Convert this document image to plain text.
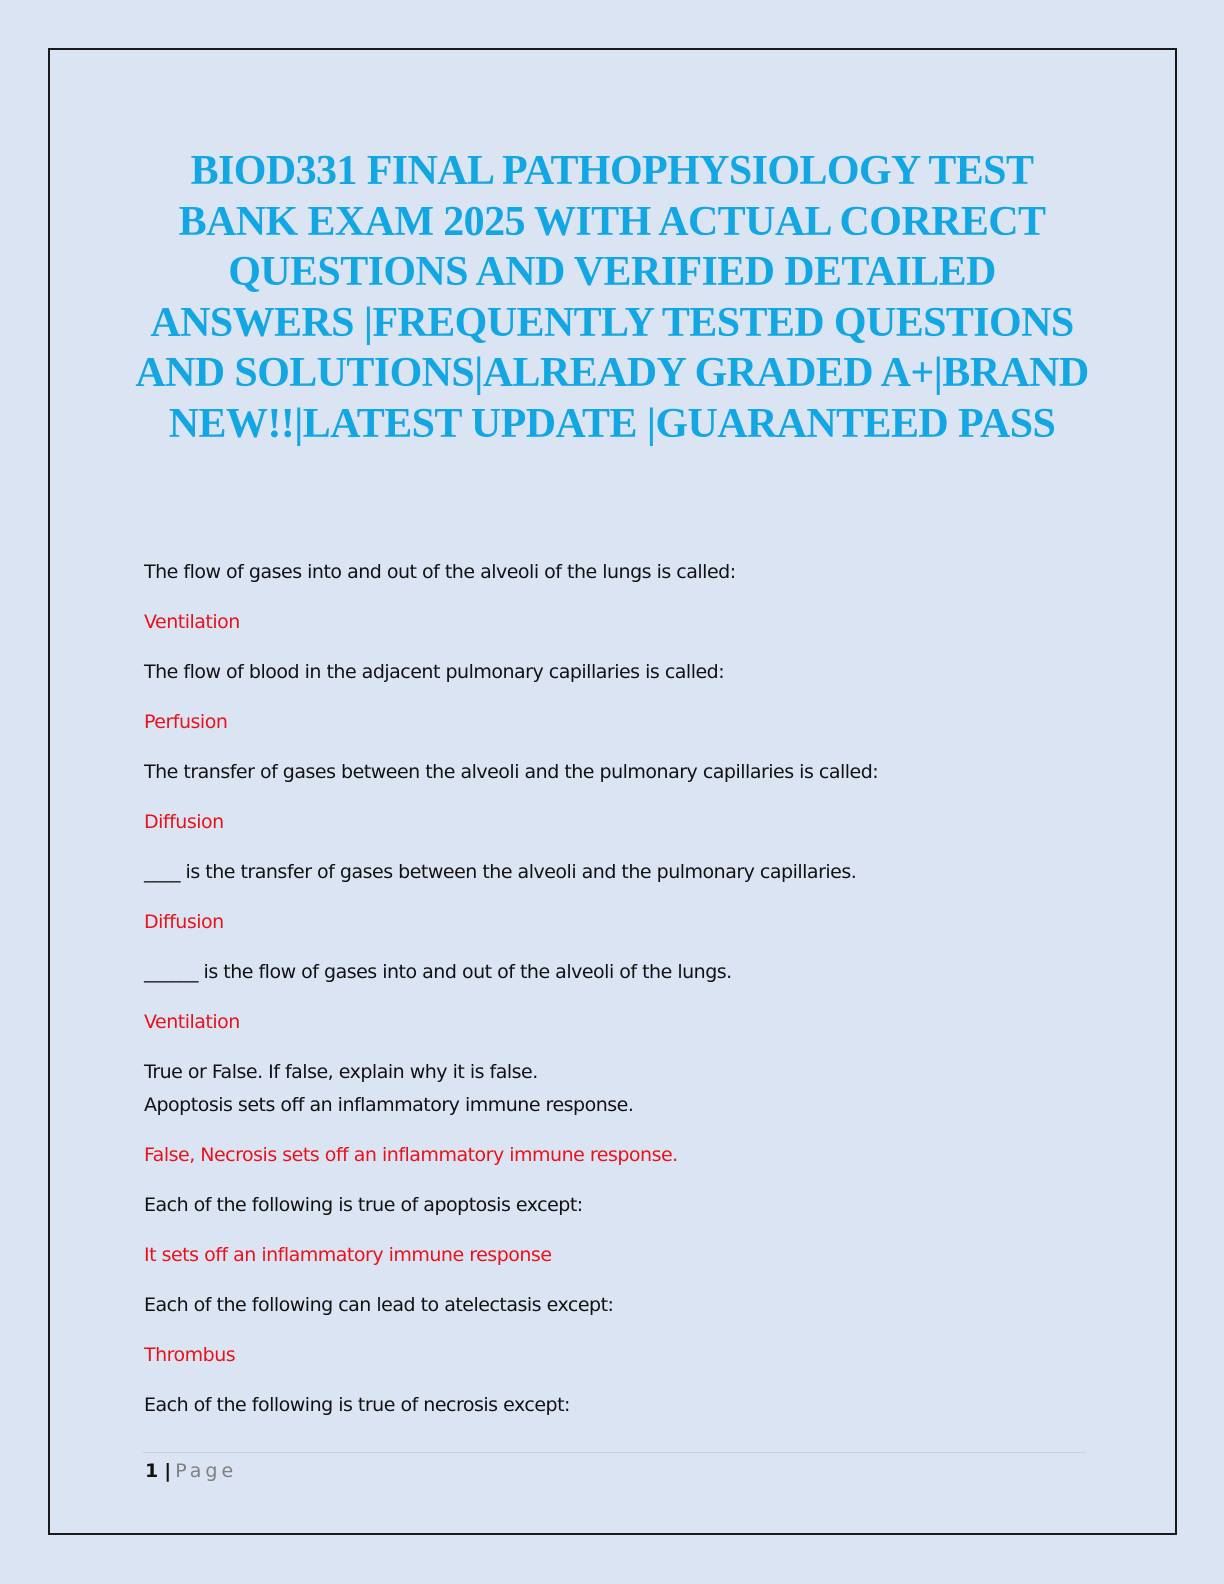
BIOD331 FINAL PATHOPHYSIOLOGY TEST BANK EXAM 2025 WITH ACTUAL CORRECT QUESTIONS AND VERIFIED DETAILED ANSWERS |FREQUENTLY TESTED QUESTIONS AND SOLUTIONS|ALREADY GRADED A+|BRAND NEW!!|LATEST UPDATE |GUARANTEED PASS

The flow of gases into and out of the alveoli of the lungs is called:

Ventilation

The flow of blood in the adjacent pulmonary capillaries is called:

Perfusion

The transfer of gases between the alveoli and the pulmonary capillaries is called:

Diffusion

____ is the transfer of gases between the alveoli and the pulmonary capillaries.

Diffusion

______ is the flow of gases into and out of the alveoli of the lungs.

Ventilation

True or False. If false, explain why it is false.

Apoptosis sets off an inflammatory immune response.

False, Necrosis sets off an inflammatory immune response.

Each of the following is true of apoptosis except:

It sets off an inflammatory immune response

Each of the following can lead to atelectasis except:

Thrombus

Each of the following is true of necrosis except:

1 | Page
